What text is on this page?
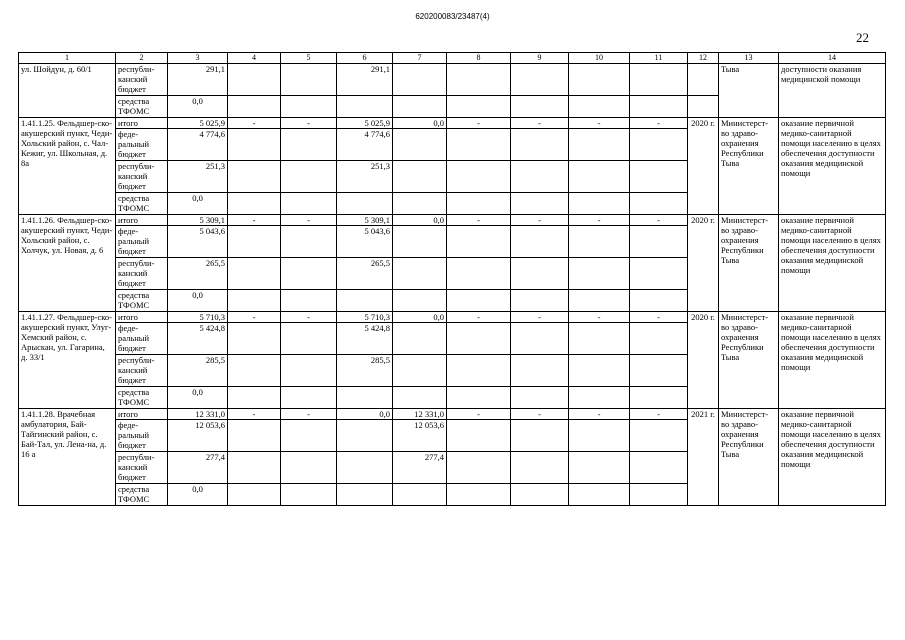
620200083/23487(4)
22
1	2	3	4	5	6	7	8	9	10	11	12	13	14
ул. Шойдун, д. 60/1	республи-канский бюджет	291,1			291,1							Тыва	доступности оказания медицинской помощи
	средства ТФОМС	0,0											
1.41.1.25. Фельдшер-ско-акушерский пункт, Чеди-Хольский район, с. Чал-Кежиг, ул. Школьная, д. 8а	итого	5 025,9	-	-	5 025,9	0,0	-	-	-	-	2020 г.	Министерст-во здраво-охранения Республики Тыва	оказание первичной медико-санитарной помощи населению в целях обеспечения доступности оказания медицинской помощи
	феде-ральный бюджет	4 774,6			4 774,6								
	республи-канский бюджет	251,3			251,3								
	средства ТФОМС	0,0											
1.41.1.26. Фельдшер-ско-акушерский пункт, Чеди-Хольский район, с. Холчук, ул. Новая, д. 6	итого	5 309,1	-	-	5 309,1	0,0	-	-	-	-	2020 г.	Министерст-во здраво-охранения Республики Тыва	оказание первичной медико-санитарной помощи населению в целях обеспечения доступности оказания медицинской помощи
	феде-ральный бюджет	5 043,6			5 043,6								
	республи-канский бюджет	265,5			265,5								
	средства ТФОМС	0,0											
1.41.1.27. Фельдшер-ско-акушерский пункт, Улуг-Хемский район, с. Арыскан, ул. Гагарина, д. 33/1	итого	5 710,3	-	-	5 710,3	0,0	-	-	-	-	2020 г.	Министерст-во здраво-охранения Республики Тыва	оказание первичной медико-санитарной помощи населению в целях обеспечения доступности оказания медицинской помощи
	феде-ральный бюджет	5 424,8			5 424,8								
	республи-канский бюджет	285,5			285,5								
	средства ТФОМС	0,0											
1.41.1.28. Врачебная амбулатория, Бай-Тайгинский район, с. Бай-Тал, ул. Лена-на, д. 16 а	итого	12 331,0	-	-	0,0	12 331,0	-	-	-	-	2021 г.	Министерст-во здраво-охранения Республики Тыва	оказание первичной медико-санитарной помощи населению в целях обеспечения доступности оказания медицинской помощи
	феде-ральный бюджет	12 053,6				12 053,6							
	республи-канский бюджет	277,4				277,4							
	средства ТФОМС	0,0											
